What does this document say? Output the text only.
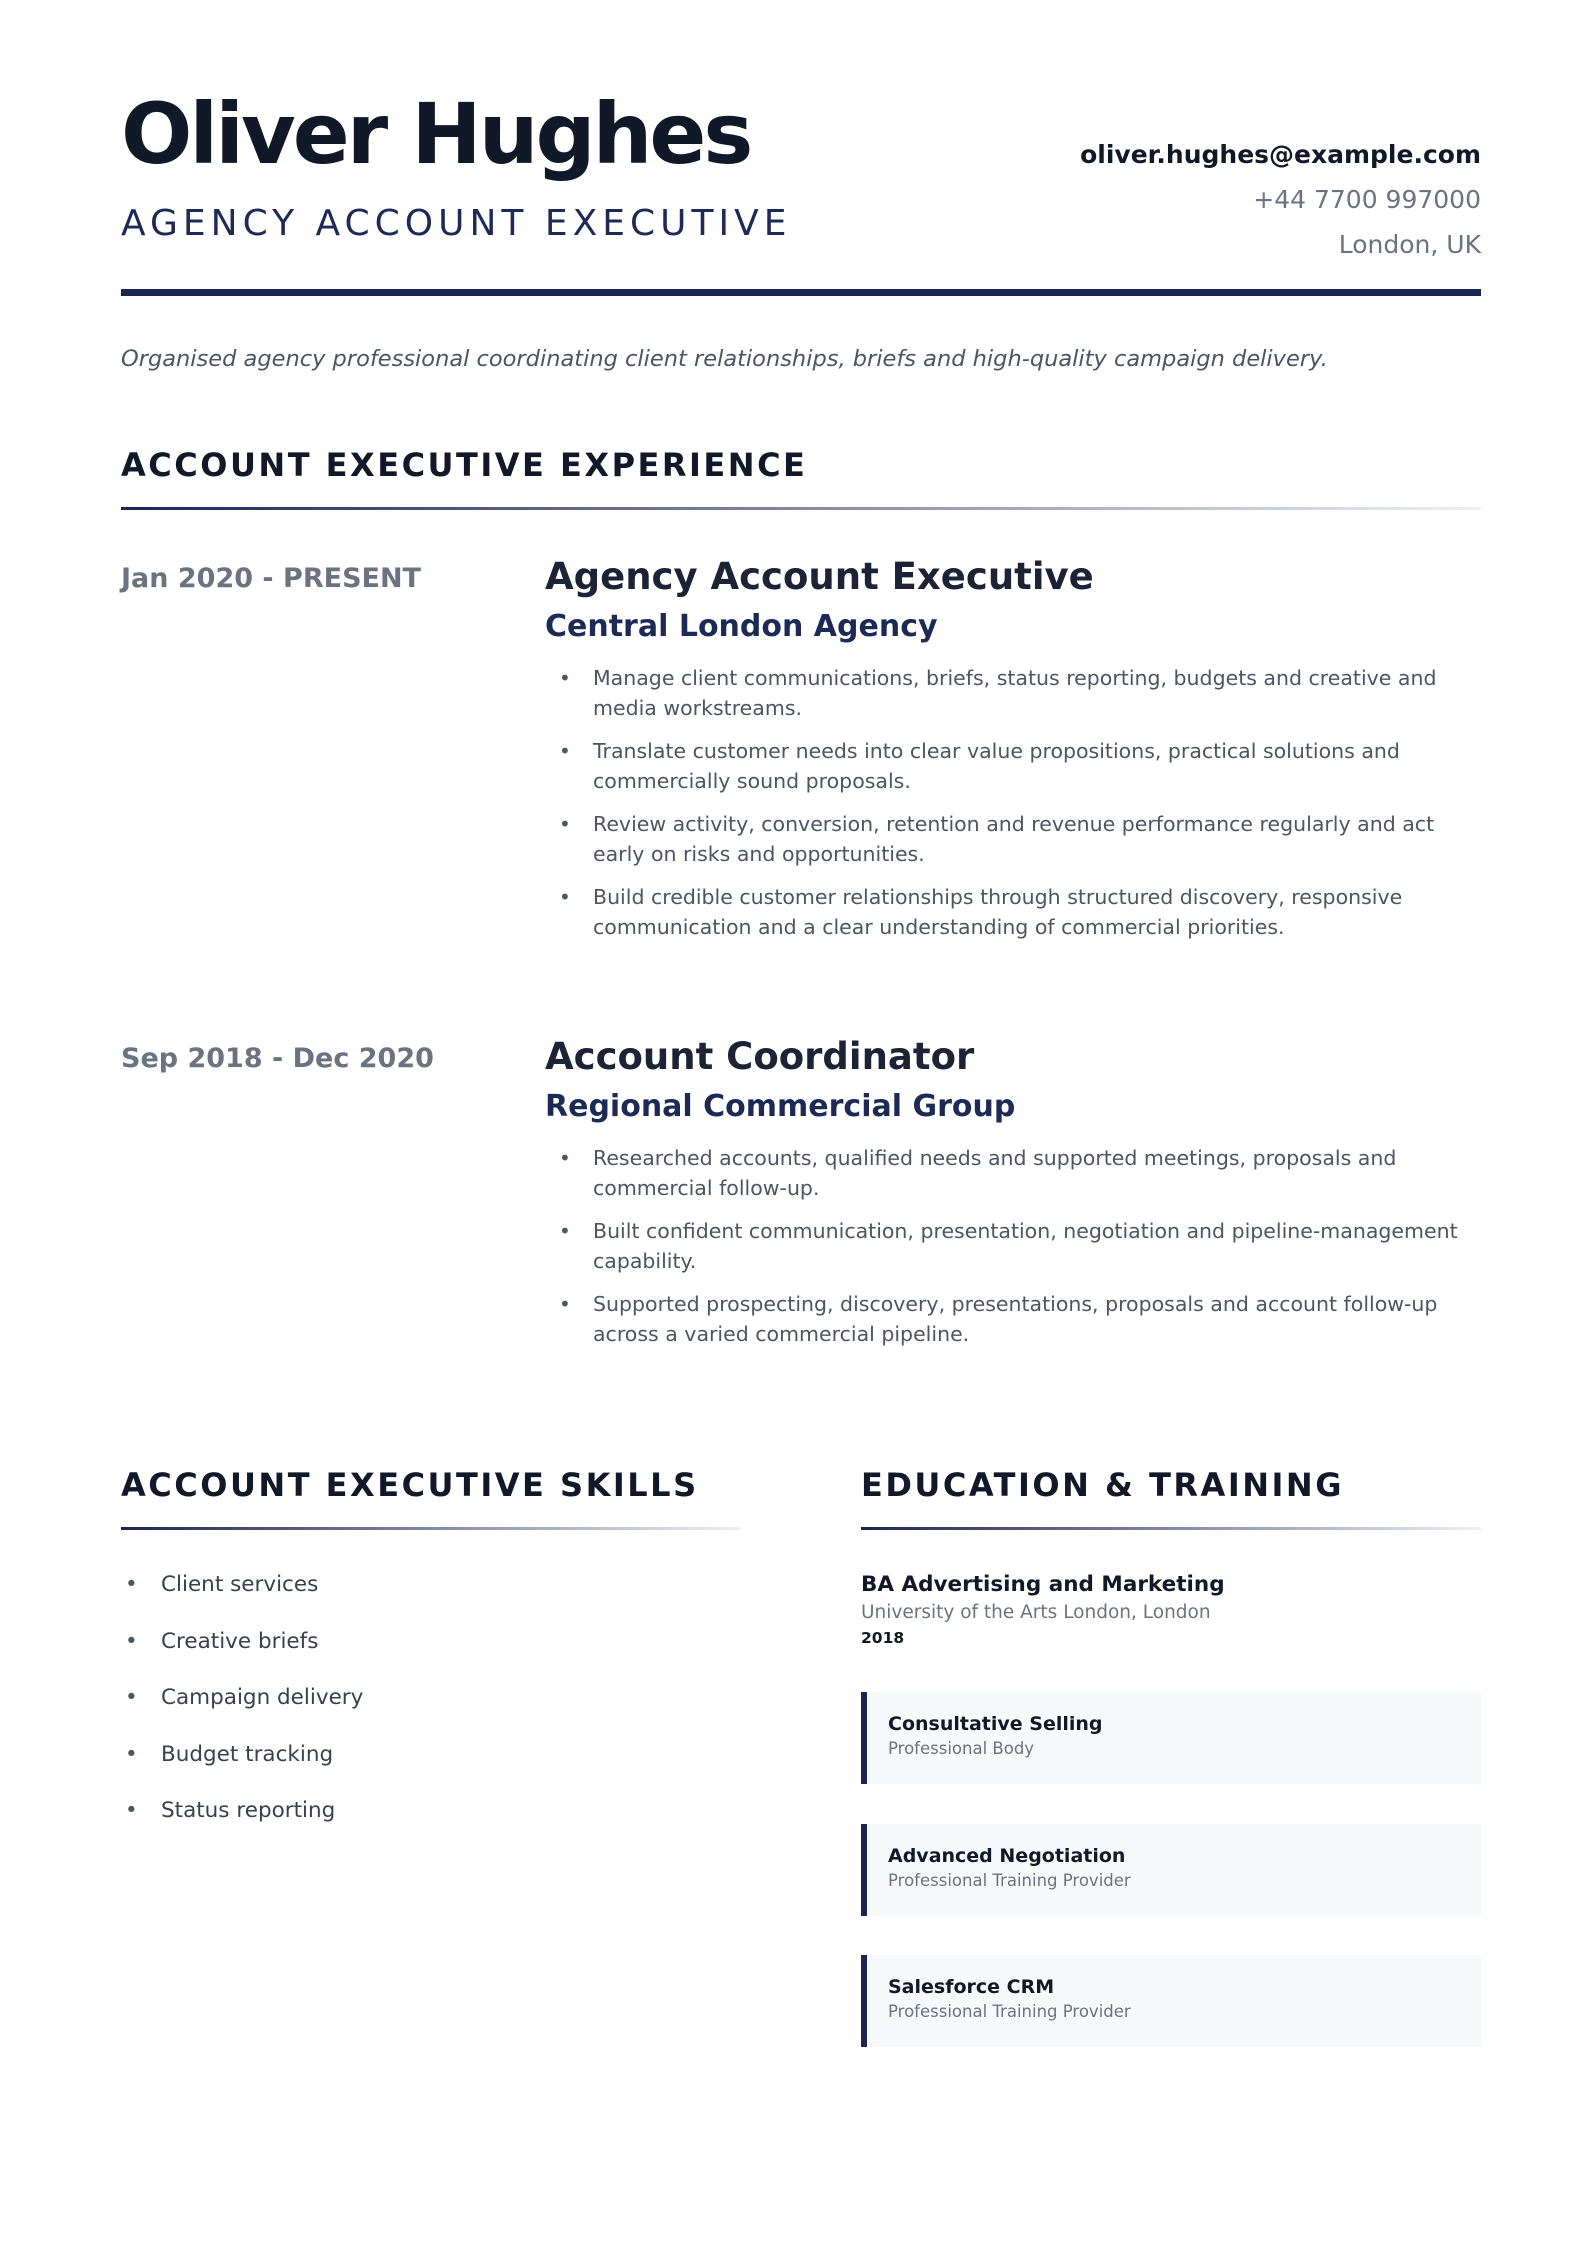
Oliver Hughes
AGENCY ACCOUNT EXECUTIVE
oliver.hughes@example.com
+44 7700 997000
London, UK

Organised agency professional coordinating client relationships, briefs and high-quality campaign delivery.

ACCOUNT EXECUTIVE EXPERIENCE
Jan 2020 - PRESENT	Agency Account Executive
Central London Agency
• Manage client communications, briefs, status reporting, budgets and creative and media workstreams.
• Translate customer needs into clear value propositions, practical solutions and commercially sound proposals.
• Review activity, conversion, retention and revenue performance regularly and act early on risks and opportunities.
• Build credible customer relationships through structured discovery, responsive communication and a clear understanding of commercial priorities.
Sep 2018 - Dec 2020	Account Coordinator
Regional Commercial Group
• Researched accounts, qualified needs and supported meetings, proposals and commercial follow-up.
• Built confident communication, presentation, negotiation and pipeline-management capability.
• Supported prospecting, discovery, presentations, proposals and account follow-up across a varied commercial pipeline.
ACCOUNT EXECUTIVE SKILLS
• Client services
• Creative briefs
• Campaign delivery
• Budget tracking
• Status reporting
EDUCATION & TRAINING
BA Advertising and Marketing
University of the Arts London, London
2018
Consultative Selling
Professional Body
Advanced Negotiation
Professional Training Provider
Salesforce CRM
Professional Training Provider
